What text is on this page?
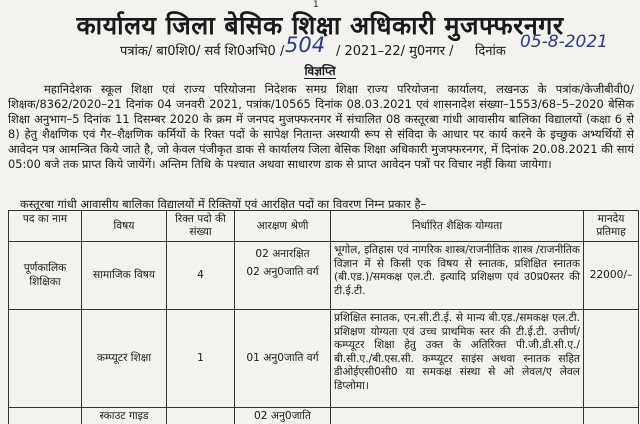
1
कार्यालय जिला बेसिक शिक्षा अधिकारी मुजफ्फरनगर
पत्रांक/ बा0शि0/ सर्व शि0अभि0 / 504 / 2021–22/ मु0नगर / दिनांक 05-8-2021
विज्ञप्ति
महानिदेशक स्कूल शिक्षा एवं राज्य परियोजना निदेशक समग्र शिक्षा राज्य परियोजना कार्यालय, लखनऊ के पत्रांक/केजीबीवी0/शिक्षक/8362/2020–21 दिनांक 04 जनवरी 2021, पत्रांक/10565 दिनांक 08.03.2021 एवं शासनादेश संख्या–1553/68–5–2020 बेसिक शिक्षा अनुभाग–5 दिनांक 11 दिसम्बर 2020 के क्रम में जनपद मुजफ्फरनगर में संचालित 08 कस्तूरबा गांधी आवासीय बालिका विद्यालयों (कक्षा 6 से 8) हेतु शैक्षणिक एवं गैर–शैक्षणिक कर्मियों के रिक्त पदों के सापेक्ष नितान्त अस्थायी रूप से संविदा के आधार पर कार्य करने के इच्छुक अभ्यर्थियों से आवेदन पत्र आमन्त्रित किये जाते है, जो केवल पंजीकृत डाक से कार्यालय जिला बेसिक शिक्षा अधिकारी मुजफ्फरनगर, में दिनांक 20.08.2021 की सायं 05:00 बजे तक प्राप्त किये जायेंगें। अन्तिम तिथि के पश्चात अथवा साधारण डाक से प्राप्त आवेदन पत्रों पर विचार नहीं किया जायेगा।
कस्तूरबा गांधी आवासीय बालिका विद्यालयों में रिक्तियों एवं आरक्षित पदों का विवरण निम्न प्रकार है–
पद का नाम	विषय	रिक्त पदो की संख्या	आरक्षण श्रेणी	निर्धारित शैक्षिक योग्यता	मानदेय प्रतिमाह
पूर्णकालिक शिक्षिका	सामाजिक विषय	4	02 अनारक्षित
02 अनु0जाति वर्ग	भूगोल, इतिहास एवं नागरिक शास्त्र/राजनीतिक शास्त्र /राजनीतिक विज्ञान में से किसी एक विषय से स्नातक, प्रशिक्षित स्नातक (बी.एड.)/समकक्ष एल.टी. इत्यादि प्रशिक्षण एवं उ0प्र0स्तर की टी.ई.टी.	22000/–
	कम्प्यूटर शिक्षा	1	01 अनु0जाति वर्ग	प्रशिक्षित स्नातक, एन.सी.टी.ई. से मान्य बी.एड./समकक्ष एल.टी. प्रशिक्षण योग्यता एवं उच्च प्राथमिक स्तर की टी.ई.टी. उत्तीर्ण/ कम्प्यूटर शिक्षा हेतु उक्त के अतिरिक्त पी.जी.डी.सी.ए./बी.सी.ए./बी.एस.सी. कम्प्यूटर साइंस अथवा स्नातक सहित डीओईएसी0सी0 या समकक्ष संस्था से ओ लेवल/ए लेवल डिप्लोमा।	
	स्काउट गाइड		02 अनु0जाति		
